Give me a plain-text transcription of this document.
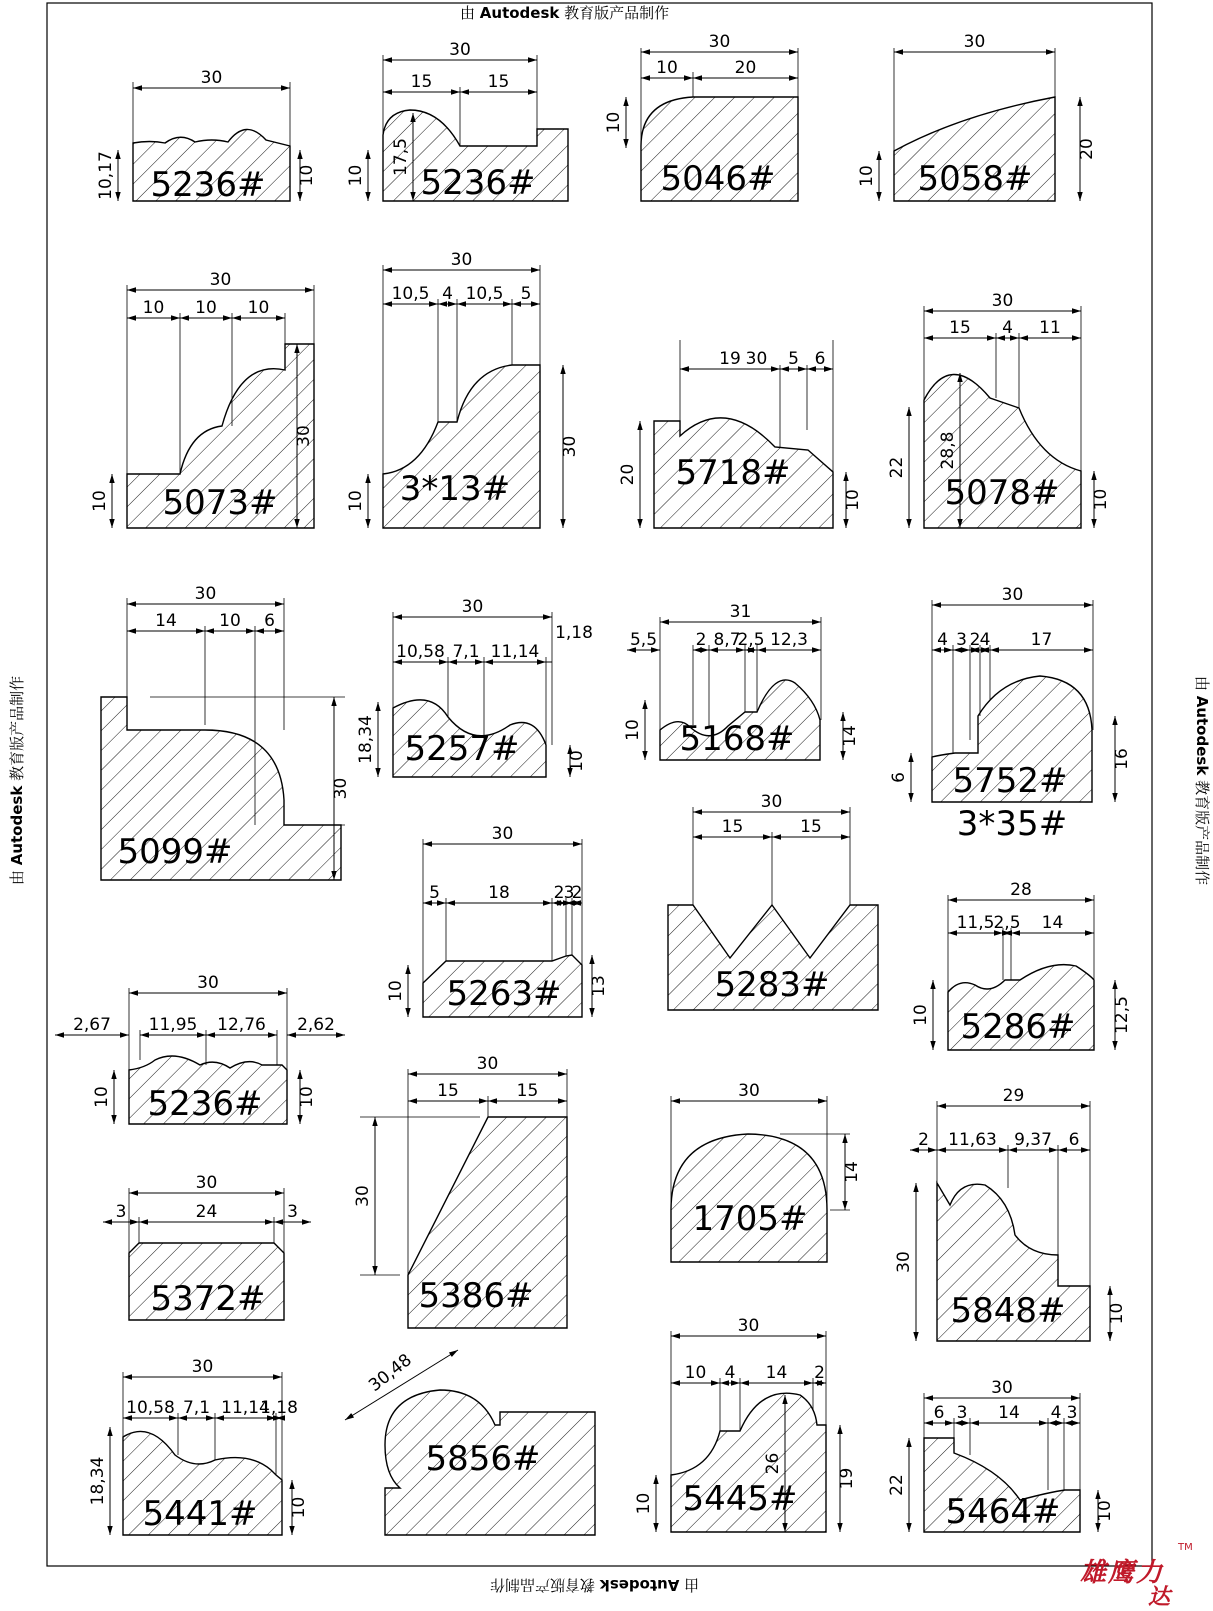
由 Autodesk 教育版产品制作
由 Autodesk 教育版产品制作
由 Autodesk 教育版产品制作	由 Autodesk 教育版产品制作
30
10,17	10
5236#
30
15	15
17,5
10 5236#
30
10	20
10
5046#
30
10
20
5058#
30
10 10 10
30
10 5073#
30
10,5 4 10,5 5
30
10 3*13#
30
19	5 6
20
10
5718#
30
15 4 11
22 28,8
10
5078#
30
14 10 6
30
5099#
30
10,58 7,1 11,14
1,18
18,34	10
5257#
31
5,5 2 8,7
2,5 12,3
10	14
5168#
30
4 3 2 4 17
6
16
5752#
3*35#
30
5	18	2 3
2
10	13
5263#
30
15	15
5283#
28
11,5 2,5 14
10	12,5
5286#
30
2,67 11,95 12,76 2,62
10	10
5236#
30
3	24	3
5372#
30
15	15
30
5386#
30
14
1705#
29
2 11,63 9,37 6
30
10
5848#
30
10,58 7,1 11,14
1,18
18,34
10
5441#
30,48
5856#
30
10 4 14 2
26
10
19
5445#
30
6 3 14 4 3
22
10
5464#
雄鹰力
达
TM
